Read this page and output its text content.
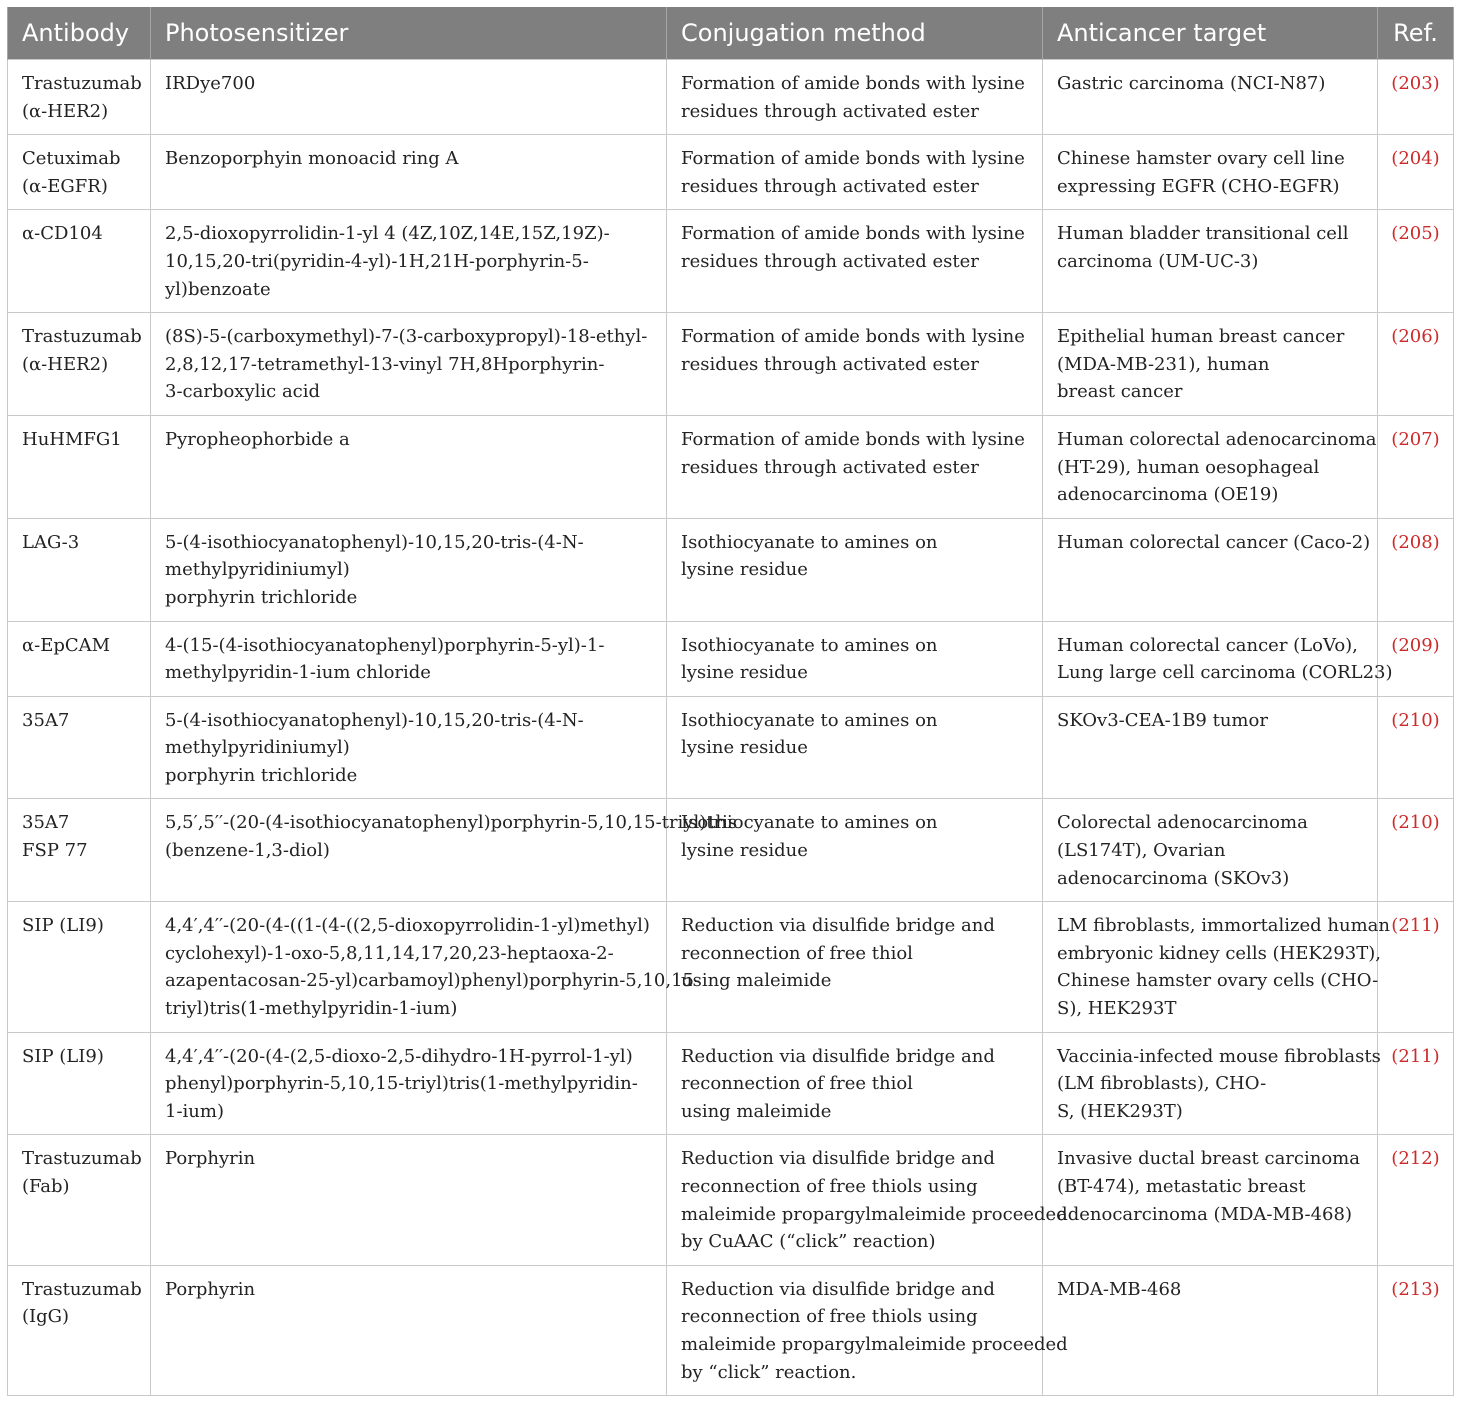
Antibody	Photosensitizer	Conjugation method	Anticancer target	Ref.

Trastuzumab
(α-HER2)	IRDye700	Formation of amide bonds with lysine
residues through activated ester	Gastric carcinoma (NCI-N87)	(203)

Cetuximab
(α-EGFR)	Benzoporphyin monoacid ring A	Formation of amide bonds with lysine
residues through activated ester	Chinese hamster ovary cell line
expressing EGFR (CHO-EGFR)	(204)

α-CD104	2,5-dioxopyrrolidin-1-yl 4 (4Z,10Z,14E,15Z,19Z)-
10,15,20-tri(pyridin-4-yl)-1H,21H-porphyrin-5-
yl)benzoate	Formation of amide bonds with lysine
residues through activated ester	Human bladder transitional cell
carcinoma (UM-UC-3)	(205)

Trastuzumab
(α-HER2)	(8S)-5-(carboxymethyl)-7-(3-carboxypropyl)-18-ethyl-
2,8,12,17-tetramethyl-13-vinyl 7H,8Hporphyrin-
3-carboxylic acid	Formation of amide bonds with lysine
residues through activated ester	Epithelial human breast cancer
(MDA-MB-231), human
breast cancer	(206)

HuHMFG1	Pyropheophorbide a	Formation of amide bonds with lysine
residues through activated ester	Human colorectal adenocarcinoma
(HT-29), human oesophageal
adenocarcinoma (OE19)	(207)

LAG-3	5-(4-isothiocyanatophenyl)-10,15,20-tris-(4-N-
methylpyridiniumyl)
porphyrin trichloride	Isothiocyanate to amines on
lysine residue	Human colorectal cancer (Caco-2)	(208)

α-EpCAM	4-(15-(4-isothiocyanatophenyl)porphyrin-5-yl)-1-
methylpyridin-1-ium chloride	Isothiocyanate to amines on
lysine residue	Human colorectal cancer (LoVo),
Lung large cell carcinoma (CORL23)	(209)

35A7	5-(4-isothiocyanatophenyl)-10,15,20-tris-(4-N-
methylpyridiniumyl)
porphyrin trichloride	Isothiocyanate to amines on
lysine residue	SKOv3-CEA-1B9 tumor	(210)

35A7
FSP 77	5,5′,5′′-(20-(4-isothiocyanatophenyl)porphyrin-5,10,15-triyl)tris
(benzene-1,3-diol)	Isothiocyanate to amines on
lysine residue	Colorectal adenocarcinoma
(LS174T), Ovarian
adenocarcinoma (SKOv3)	(210)

SIP (LI9)	4,4′,4′′-(20-(4-((1-(4-((2,5-dioxopyrrolidin-1-yl)methyl)
cyclohexyl)-1-oxo-5,8,11,14,17,20,23-heptaoxa-2-
azapentacosan-25-yl)carbamoyl)phenyl)porphyrin-5,10,15-
triyl)tris(1-methylpyridin-1-ium)	Reduction via disulfide bridge and
reconnection of free thiol
using maleimide	LM fibroblasts, immortalized human
embryonic kidney cells (HEK293T),
Chinese hamster ovary cells (CHO-
S), HEK293T	(211)

SIP (LI9)	4,4′,4′′-(20-(4-(2,5-dioxo-2,5-dihydro-1H-pyrrol-1-yl)
phenyl)porphyrin-5,10,15-triyl)tris(1-methylpyridin-
1-ium)	Reduction via disulfide bridge and
reconnection of free thiol
using maleimide	Vaccinia-infected mouse fibroblasts
(LM fibroblasts), CHO-
S, (HEK293T)	(211)

Trastuzumab
(Fab)	Porphyrin	Reduction via disulfide bridge and
reconnection of free thiols using
maleimide propargylmaleimide proceeded
by CuAAC (“click” reaction)	Invasive ductal breast carcinoma
(BT-474), metastatic breast
adenocarcinoma (MDA-MB-468)	(212)

Trastuzumab
(IgG)	Porphyrin	Reduction via disulfide bridge and
reconnection of free thiols using
maleimide propargylmaleimide proceeded
by “click” reaction.	MDA-MB-468	(213)
